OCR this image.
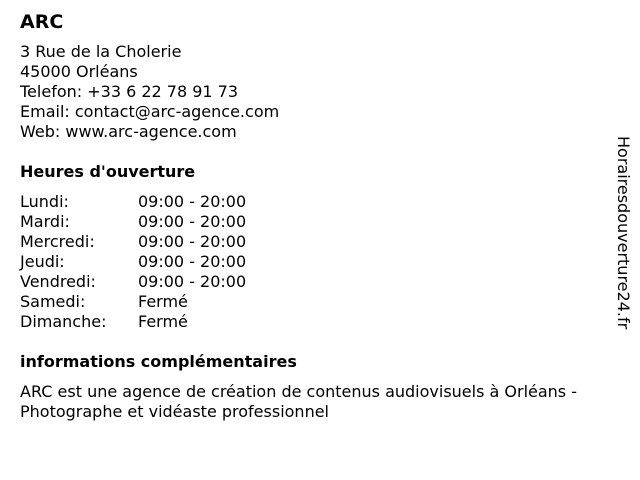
ARC
3 Rue de la Cholerie
45000 Orléans
Telefon: +33 6 22 78 91 73
Email: contact@arc-agence.com
Web: www.arc-agence.com
Heures d'ouverture
Lundi:	09:00 - 20:00
Mardi:	09:00 - 20:00
Mercredi:	09:00 - 20:00
Jeudi:	09:00 - 20:00
Vendredi:	09:00 - 20:00
Samedi:	Fermé
Dimanche:	Fermé
informations complémentaires
ARC est une agence de création de contenus audiovisuels à Orléans - Photographe et vidéaste professionnel
Horairesdouverture24.fr
